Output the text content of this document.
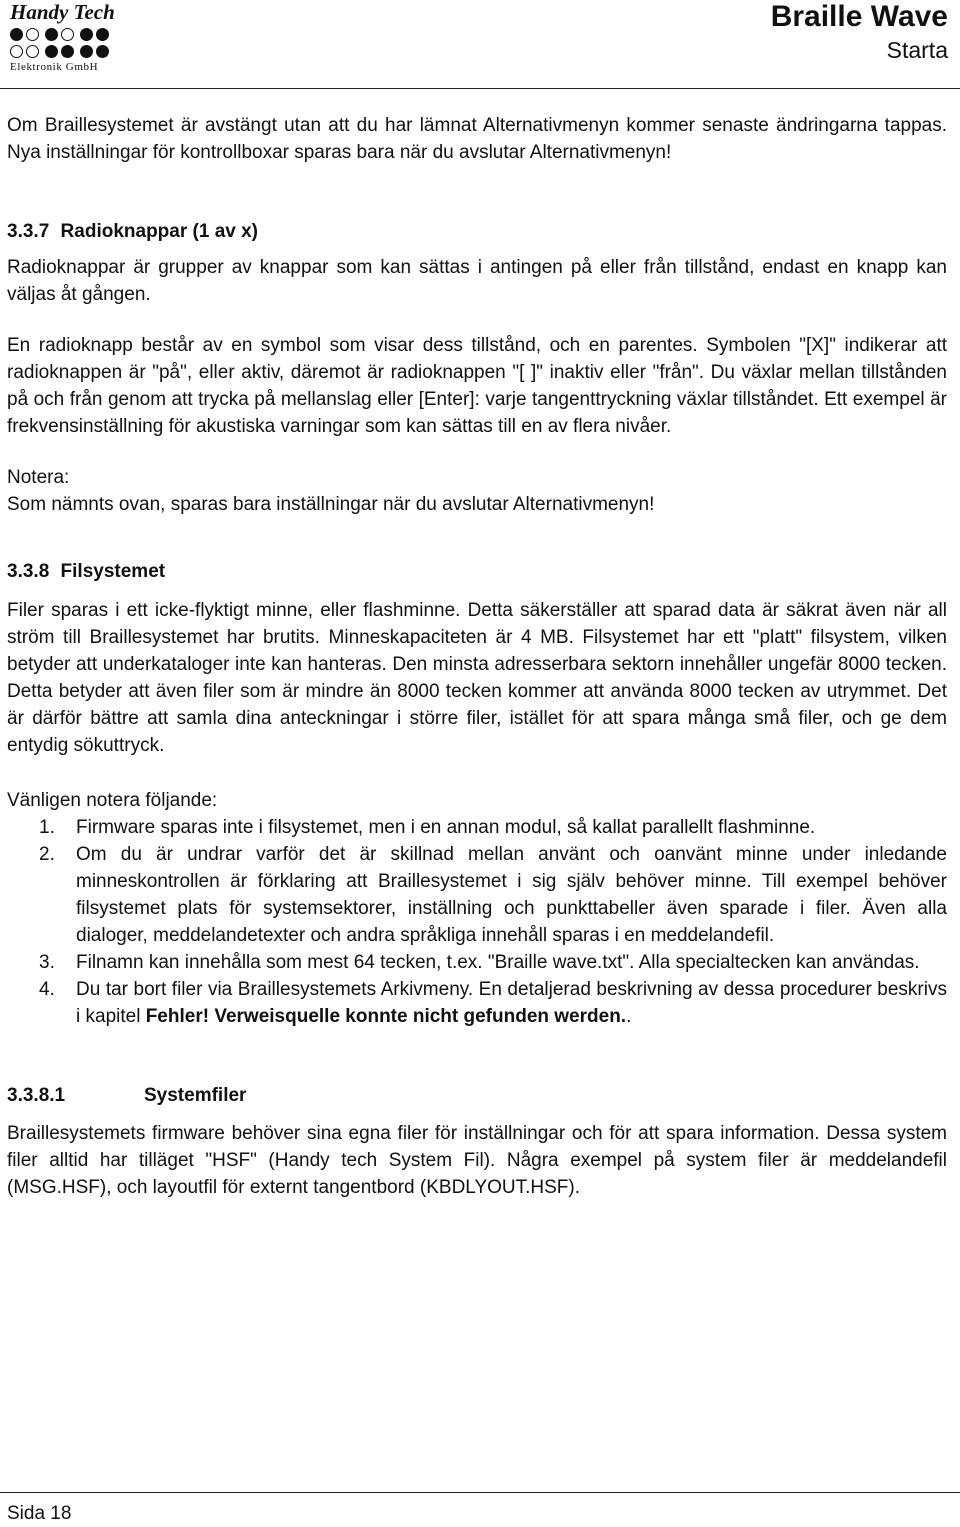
Handy Tech
Elektronik GmbH
Braille Wave
Starta

Om Braillesystemet är avstängt utan att du har lämnat Alternativmenyn kommer senaste ändringarna tappas. Nya inställningar för kontrollboxar sparas bara när du avslutar Alternativmenyn!

3.3.7 Radioknappar (1 av x)

Radioknappar är grupper av knappar som kan sättas i antingen på eller från tillstånd, endast en knapp kan väljas åt gången.

En radioknapp består av en symbol som visar dess tillstånd, och en parentes. Symbolen "[X]" indikerar att radioknappen är "på", eller aktiv, däremot är radioknappen "[ ]" inaktiv eller "från". Du växlar mellan tillstånden på och från genom att trycka på mellanslag eller [Enter]: varje tangenttryckning växlar tillståndet. Ett exempel är frekvensinställning för akustiska varningar som kan sättas till en av flera nivåer.

Notera:

Som nämnts ovan, sparas bara inställningar när du avslutar Alternativmenyn!

3.3.8 Filsystemet

Filer sparas i ett icke-flyktigt minne, eller flashminne. Detta säkerställer att sparad data är säkrat även när all ström till Braillesystemet har brutits. Minneskapaciteten är 4 MB. Filsystemet har ett "platt" filsystem, vilken betyder att underkataloger inte kan hanteras. Den minsta adresserbara sektorn innehåller ungefär 8000 tecken. Detta betyder att även filer som är mindre än 8000 tecken kommer att använda 8000 tecken av utrymmet. Det är därför bättre att samla dina anteckningar i större filer, istället för att spara många små filer, och ge dem entydig sökuttryck.

Vänligen notera följande:

1. Firmware sparas inte i filsystemet, men i en annan modul, så kallat parallellt flashminne.
2. Om du är undrar varför det är skillnad mellan använt och oanvänt minne under inledande minneskontrollen är förklaring att Braillesystemet i sig själv behöver minne. Till exempel behöver filsystemet plats för systemsektorer, inställning och punkttabeller även sparade i filer. Även alla dialoger, meddelandetexter och andra språkliga innehåll sparas i en meddelandefil.
3. Filnamn kan innehålla som mest 64 tecken, t.ex. "Braille wave.txt". Alla specialtecken kan användas.
4. Du tar bort filer via Braillesystemets Arkivmeny. En detaljerad beskrivning av dessa procedurer beskrivs i kapitel Fehler! Verweisquelle konnte nicht gefunden werden..
3.3.8.1	Systemfiler

Braillesystemets firmware behöver sina egna filer för inställningar och för att spara information. Dessa system filer alltid har tilläget "HSF" (Handy tech System Fil). Några exempel på system filer är meddelandefil (MSG.HSF), och layoutfil för externt tangentbord (KBDLYOUT.HSF).

Sida 18
